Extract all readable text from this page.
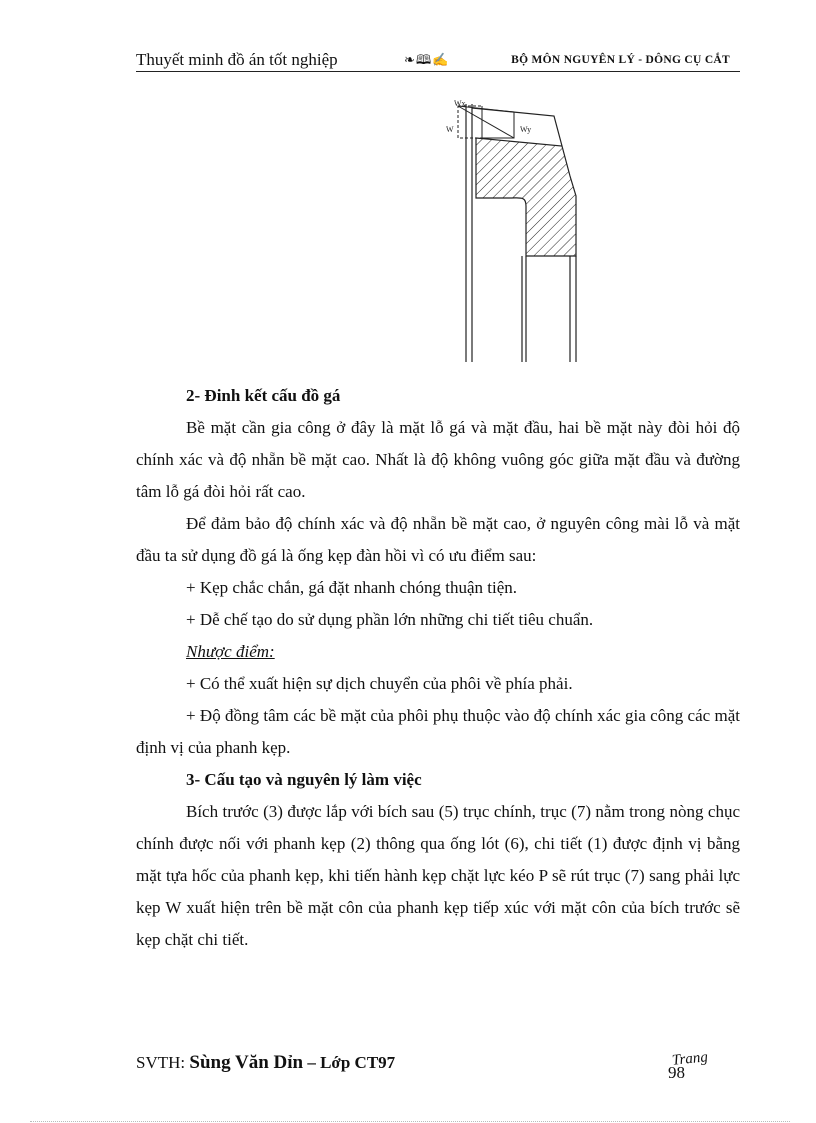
Thuyết minh đồ án tốt nghiệp	❧🕮✍	BỘ MÔN NGUYÊN LÝ - DÔNG CỤ CẮT
Wx
W	Wy

2- Đinh kết cấu đồ gá

Bề mặt cần gia công ở đây là mặt lỗ gá và mặt đầu, hai bề mặt này đòi hỏi độ chính xác và độ nhẵn bề mặt cao. Nhất là độ không vuông góc giữa mặt đầu và đường tâm lỗ gá đòi hỏi rất cao.

Để đảm bảo độ chính xác và độ nhẵn bề mặt cao, ở nguyên công mài lỗ và mặt đầu ta sử dụng đồ gá là ống kẹp đàn hồi vì có ưu điểm sau:

+ Kẹp chắc chắn, gá đặt nhanh chóng thuận tiện.

+ Dễ chế tạo do sử dụng phần lớn những chi tiết tiêu chuẩn.

Nhược điểm:

+ Có thể xuất hiện sự dịch chuyển của phôi về phía phải.

+ Độ đồng tâm các bề mặt của phôi phụ thuộc vào độ chính xác gia công các mặt định vị của phanh kẹp.

3- Cấu tạo và nguyên lý làm việc

Bích trước (3) được lắp với bích sau (5) trục chính, trục (7) nằm trong nòng chục chính được nối với phanh kẹp (2) thông qua ống lót (6), chi tiết (1) được định vị bằng mặt tựa hốc của phanh kẹp, khi tiến hành kẹp chặt lực kéo P sẽ rút trục (7) sang phải lực kẹp W xuất hiện trên bề mặt côn của phanh kẹp tiếp xúc với mặt côn của bích trước sẽ kẹp chặt chi tiết.

SVTH: Sùng Văn Dỉn – Lớp CT97	Trang
98
